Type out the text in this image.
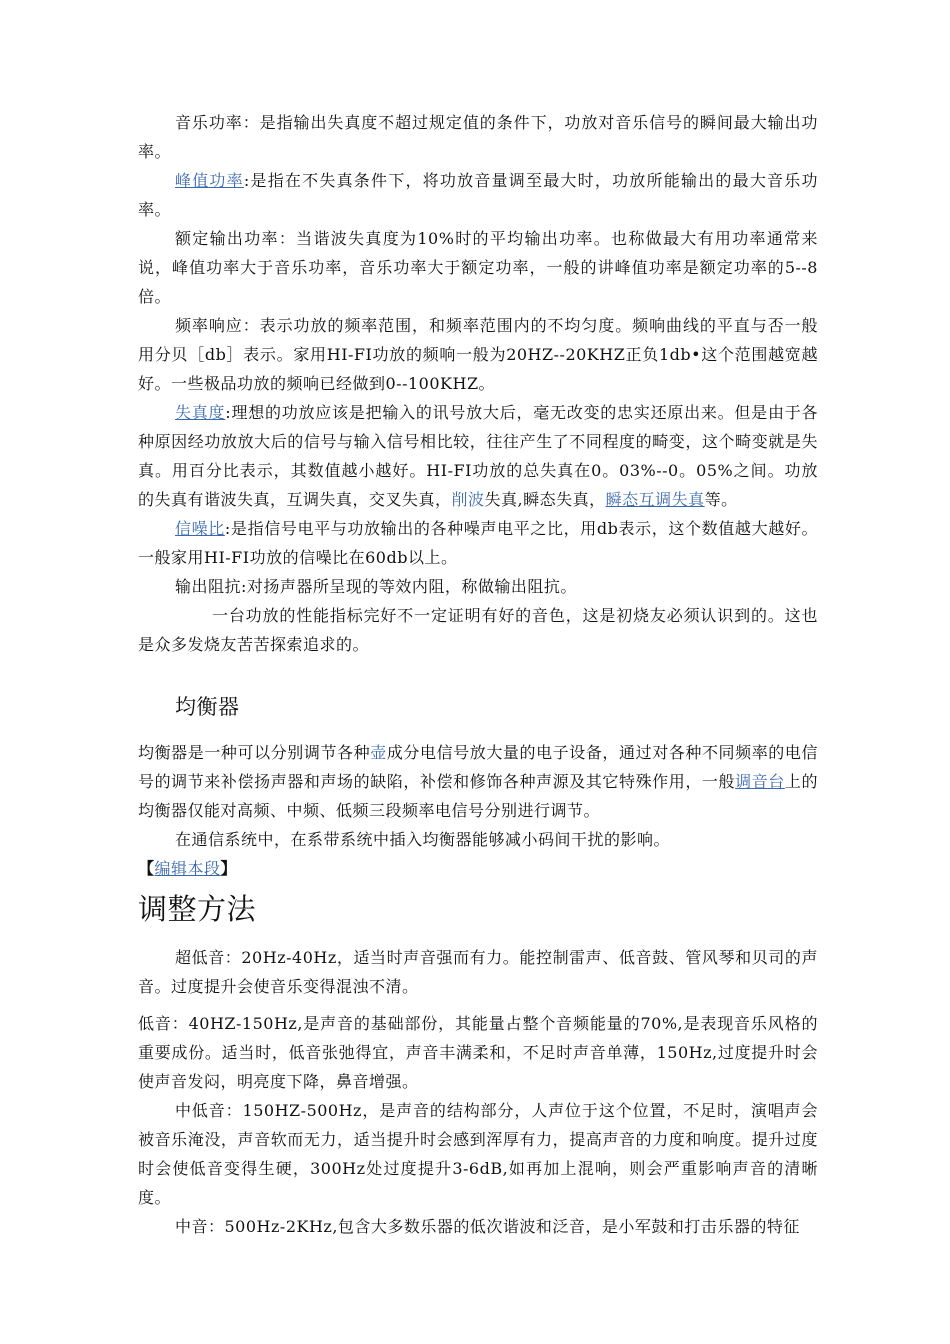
音乐功率：是指输出失真度不超过规定值的条件下，功放对音乐信号的瞬间最大输出功率。

峰值功率:是指在不失真条件下，将功放音量调至最大时，功放所能输出的最大音乐功率。

额定输出功率：当谐波失真度为10%时的平均输出功率。也称做最大有用功率通常来说，峰值功率大于音乐功率，音乐功率大于额定功率，一般的讲峰值功率是额定功率的5--8倍。

频率响应：表示功放的频率范围，和频率范围内的不均匀度。频响曲线的平直与否一般用分贝［db］表示。家用HI-FI功放的频响一般为20HZ--20KHZ正负1db•这个范围越宽越好。一些极品功放的频响已经做到0--100KHZ。

失真度:理想的功放应该是把输入的讯号放大后，毫无改变的忠实还原出来。但是由于各种原因经功放放大后的信号与输入信号相比较，往往产生了不同程度的畸变，这个畸变就是失真。用百分比表示，其数值越小越好。HI-FI功放的总失真在0。03%--0。05%之间。功放的失真有谐波失真，互调失真，交叉失真，削波失真,瞬态失真，瞬态互调失真等。

信噪比:是指信号电平与功放输出的各种噪声电平之比，用db表示，这个数值越大越好。一般家用HI-FI功放的信噪比在60db以上。

输出阻抗:对扬声器所呈现的等效内阻，称做输出阻抗。

一台功放的性能指标完好不一定证明有好的音色，这是初烧友必须认识到的。这也是众多发烧友苦苦探索追求的。

均衡器

均衡器是一种可以分别调节各种壶成分电信号放大量的电子设备，通过对各种不同频率的电信号的调节来补偿扬声器和声场的缺陷，补偿和修饰各种声源及其它特殊作用，一般调音台上的均衡器仅能对高频、中频、低频三段频率电信号分别进行调节。

在通信系统中，在系带系统中插入均衡器能够减小码间干扰的影响。

【编辑本段】

调整方法

超低音：20Hz-40Hz，适当时声音强而有力。能控制雷声、低音鼓、管风琴和贝司的声音。过度提升会使音乐变得混浊不清。

低音：40HZ-150Hz,是声音的基础部份，其能量占整个音频能量的70%,是表现音乐风格的重要成份。适当时，低音张弛得宜，声音丰满柔和，不足时声音单薄，150Hz,过度提升时会使声音发闷，明亮度下降，鼻音增强。

中低音：150HZ-500Hz，是声音的结构部分，人声位于这个位置，不足时，演唱声会被音乐淹没，声音软而无力，适当提升时会感到浑厚有力，提高声音的力度和响度。提升过度时会使低音变得生硬，300Hz处过度提升3-6dB,如再加上混响，则会严重影响声音的清晰度。

中音：500Hz-2KHz,包含大多数乐器的低次谐波和泛音，是小军鼓和打击乐器的特征
